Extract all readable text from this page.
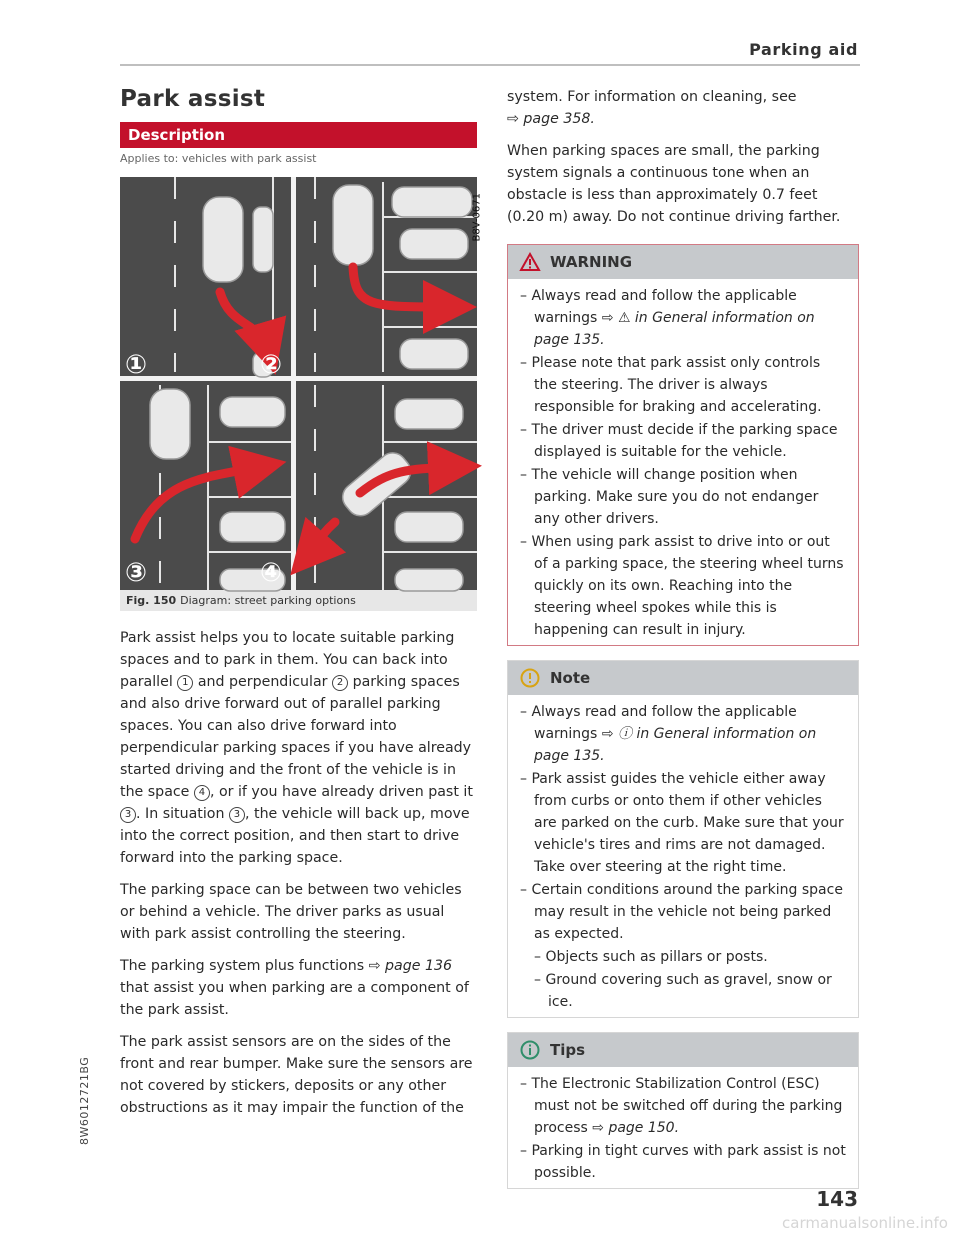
Parking aid
8W6012721BG
Park assist
Description
Applies to: vehicles with park assist
①	②
③	④
B8V-0671
Fig. 150 Diagram: street parking options

Park assist helps you to locate suitable parking spaces and to park in them. You can back into parallel 1 and perpendicular 2 parking spaces and also drive forward out of parallel parking spaces. You can also drive forward into perpendicular parking spaces if you have already started driving and the front of the vehicle is in the space 4 , or if you have already driven past it 3 . In situation 3 , the vehicle will back up, move into the correct position, and then start to drive forward into the parking space.

The parking space can be between two vehicles or behind a vehicle. The driver parks as usual with park assist controlling the steering.

The parking system plus functions ⇨ page 136 that assist you when parking are a component of the park assist.

The park assist sensors are on the sides of the front and rear bumper. Make sure the sensors are not covered by stickers, deposits or any other obstructions as it may impair the function of the

system. For information on cleaning, see
⇨ page 358.

When parking spaces are small, the parking system signals a continuous tone when an obstacle is less than approximately 0.7 feet (0.20 m) away. Do not continue driving farther.

WARNING
– Always read and follow the applicable warnings ⇨ ⚠ in General information on page 135.
– Please note that park assist only controls the steering. The driver is always responsible for braking and accelerating.
– The driver must decide if the parking space displayed is suitable for the vehicle.
– The vehicle will change position when parking. Make sure you do not endanger any other drivers.
– When using park assist to drive into or out of a parking space, the steering wheel turns quickly on its own. Reaching into the steering wheel spokes while this is happening can result in injury.
Note
– Always read and follow the applicable warnings ⇨ ⓘ in General information on page 135.
– Park assist guides the vehicle either away from curbs or onto them if other vehicles are parked on the curb. Make sure that your vehicle's tires and rims are not damaged. Take over steering at the right time.
– Certain conditions around the parking space may result in the vehicle not being parked as expected.
– Objects such as pillars or posts.
– Ground covering such as gravel, snow or ice.
Tips
– The Electronic Stabilization Control (ESC) must not be switched off during the parking process ⇨ page 150.
– Parking in tight curves with park assist is not possible.
143
carmanualsonline.info
